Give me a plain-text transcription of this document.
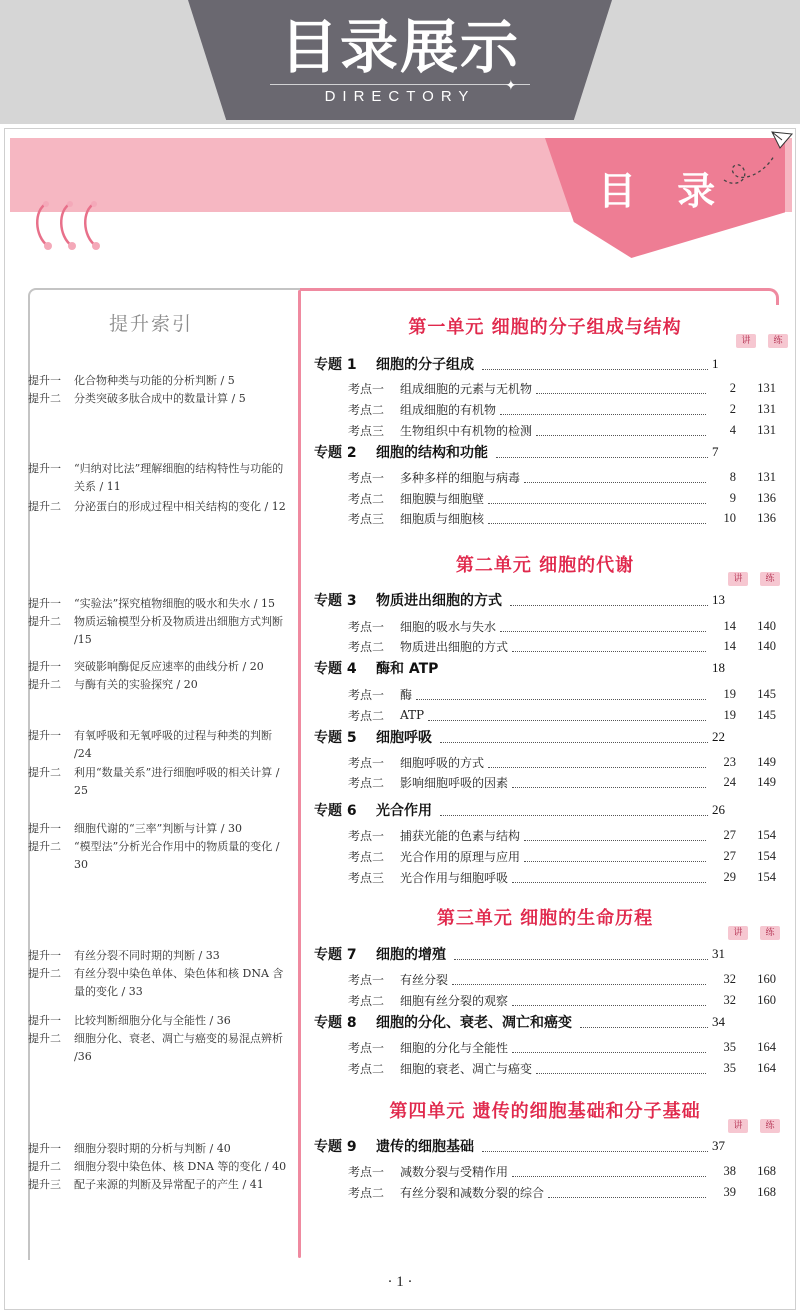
目录展示
✦
DIRECTORY
目 录
提升索引
提升一	化合物种类与功能的分析判断 / 5
提升二	分类突破多肽合成中的数量计算 / 5
提升一	“归纳对比法”理解细胞的结构特性与功能的关系 / 11
提升二	分泌蛋白的形成过程中相关结构的变化 / 12
提升一	“实验法”探究植物细胞的吸水和失水 / 15
提升二	物质运输模型分析及物质进出细胞方式判断 /15
提升一	突破影响酶促反应速率的曲线分析 / 20
提升二	与酶有关的实验探究 / 20
提升一	有氧呼吸和无氧呼吸的过程与种类的判断 /24
提升二	利用“数量关系”进行细胞呼吸的相关计算 / 25
提升一	细胞代谢的“三率”判断与计算 / 30
提升二	“模型法”分析光合作用中的物质量的变化 / 30
提升一	有丝分裂不同时期的判断 / 33
提升二	有丝分裂中染色单体、染色体和核 DNA 含量的变化 / 33
提升一	比较判断细胞分化与全能性 / 36
提升二	细胞分化、衰老、凋亡与癌变的易混点辨析 /36
提升一	细胞分裂时期的分析与判断 / 40
提升二	细胞分裂中染色体、核 DNA 等的变化 / 40
提升三	配子来源的判断及异常配子的产生 / 41
第一单元 细胞的分子组成与结构
讲	练
专题 1	细胞的分子组成	1
考点一	组成细胞的元素与无机物	2	131
考点二	组成细胞的有机物	2	131
考点三	生物组织中有机物的检测	4	131
专题 2	细胞的结构和功能	7
考点一	多种多样的细胞与病毒	8	131
考点二	细胞膜与细胞壁	9	136
考点三	细胞质与细胞核	10	136
第二单元 细胞的代谢
讲	练
专题 3	物质进出细胞的方式	13
考点一	细胞的吸水与失水	14	140
考点二	物质进出细胞的方式	14	140
专题 4	酶和 ATP	18
考点一	酶	19	145
考点二	ATP	19	145
专题 5	细胞呼吸	22
考点一	细胞呼吸的方式	23	149
考点二	影响细胞呼吸的因素	24	149
专题 6	光合作用	26
考点一	捕获光能的色素与结构	27	154
考点二	光合作用的原理与应用	27	154
考点三	光合作用与细胞呼吸	29	154
第三单元 细胞的生命历程
讲	练
专题 7	细胞的增殖	31
考点一	有丝分裂	32	160
考点二	细胞有丝分裂的观察	32	160
专题 8	细胞的分化、衰老、凋亡和癌变	34
考点一	细胞的分化与全能性	35	164
考点二	细胞的衰老、凋亡与癌变	35	164
第四单元 遗传的细胞基础和分子基础
讲	练
专题 9	遗传的细胞基础	37
考点一	减数分裂与受精作用	38	168
考点二	有丝分裂和减数分裂的综合	39	168
· 1 ·
